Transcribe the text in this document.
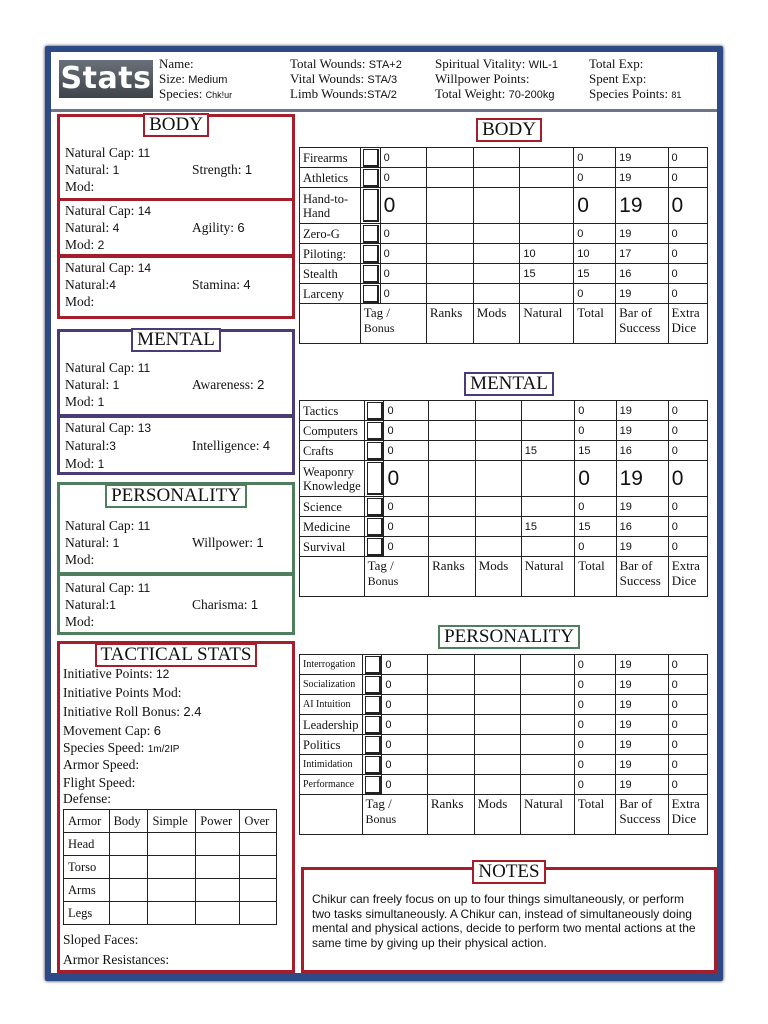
Stats Name:
Size: Medium
Species: Chk!ur
Total Wounds: STA+2
Vital Wounds: STA/3
Limb Wounds:STA/2
Spiritual Vitality: WIL-1
Willpower Points:
Total Weight: 70-200kg
Total Exp:
Spent Exp:
Species Points: 81
BODY
Natural Cap: 11
Natural: 1	Strength: 1
Mod:
Natural Cap: 14
Natural: 4	Agility: 6
Mod: 2
Natural Cap: 14
Natural:4	Stamina: 4
Mod:
MENTAL
Natural Cap: 11
Natural: 1	Awareness: 2
Mod: 1
Natural Cap: 13
Natural:3	Intelligence: 4
Mod: 1
PERSONALITY
Natural Cap: 11
Natural: 1	Willpower: 1
Mod:
Natural Cap: 11
Natural:1	Charisma: 1
Mod:
TACTICAL STATS
Initiative Points: 12
Initiative Points Mod:
Initiative Roll Bonus: 2.4
Movement Cap: 6
Species Speed: 1m/2IP
Armor Speed:
Flight Speed:
Defense:
Armor	Body	Simple	Power	Over
Head				
Torso				
Arms				
Legs				
Sloped Faces:
Armor Resistances:
BODY
Firearms		0				0	19	0
Athletics		0				0	19	0
Hand-to-
Hand		0				0	19	0
Zero-G		0				0	19	0
Piloting:		0			10	10	17	0
Stealth		0			15	15	16	0
Larceny		0				0	19	0
	Tag /
Bonus		Ranks	Mods	Natural	Total	Bar of
Success	Extra
Dice
MENTAL
Tactics		0				0	19	0
Computers		0				0	19	0
Crafts		0			15	15	16	0
Weaponry
Knowledge		0				0	19	0
Science		0				0	19	0
Medicine		0			15	15	16	0
Survival		0				0	19	0
	Tag /
Bonus		Ranks	Mods	Natural	Total	Bar of
Success	Extra
Dice
PERSONALITY
Interrogation		0				0	19	0
Socialization		0				0	19	0
AI Intuition		0				0	19	0
Leadership		0				0	19	0
Politics		0				0	19	0
Intimidation		0				0	19	0
Performance		0				0	19	0
	Tag /
Bonus		Ranks	Mods	Natural	Total	Bar of
Success	Extra
Dice
NOTES
Chikur can freely focus on up to four things simultaneously, or perform two tasks simultaneously. A Chikur can, instead of simultaneously doing mental and physical actions, decide to perform two mental actions at the same time by giving up their physical action.
